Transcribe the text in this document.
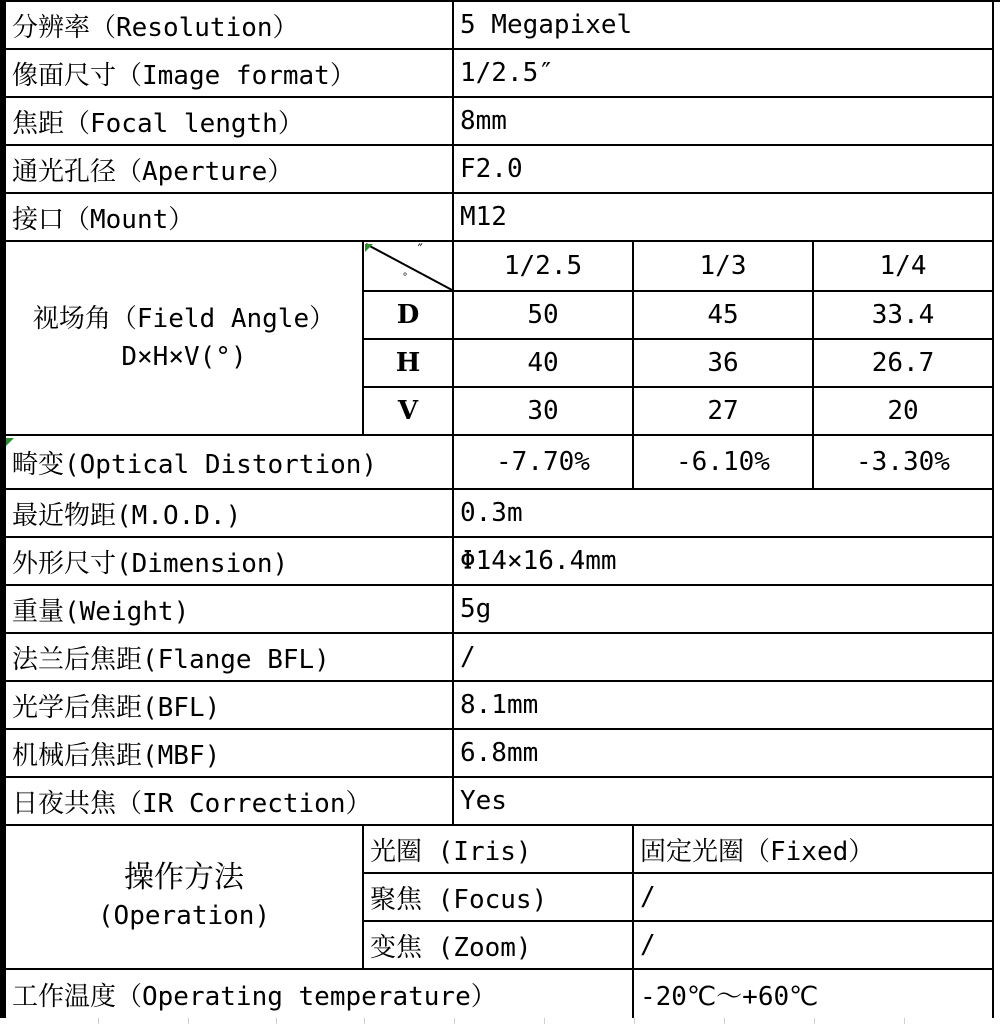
分辨率（Resolution）	5 Megapixel
像面尺寸（Image format）	1/2.5″
焦距（Focal length）	8mm
通光孔径（Aperture）	F2.0
接口（Mount）	M12
视场角（Field Angle）
D×H×V(°)
″
°	1/2.5	1/3	1/4
D	50	45	33.4
H	40	36	26.7
V	30	27	20
畸变(Optical Distortion)	-7.70%	-6.10%	-3.30%
最近物距(M.O.D.)	0.3m
外形尺寸(Dimension)	Φ14×16.4mm
重量(Weight)	5g
法兰后焦距(Flange BFL)	/
光学后焦距(BFL)	8.1mm
机械后焦距(MBF)	6.8mm
日夜共焦（IR Correction）	Yes
操作方法
(Operation)
光圈 (Iris)	固定光圈（Fixed）
聚焦 (Focus)	/
变焦 (Zoom)	/
工作温度（Operating temperature）	-20℃～+60℃
